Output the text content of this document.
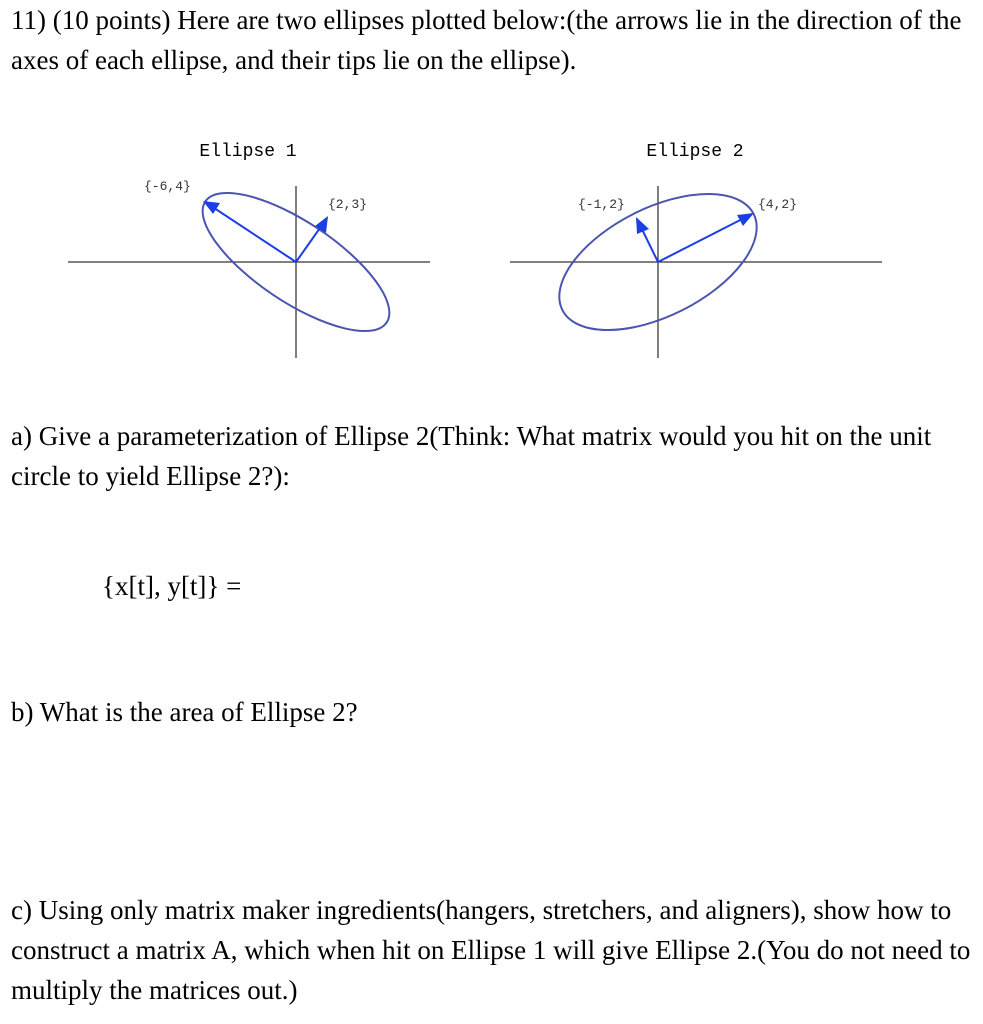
11) (10 points) Here are two ellipses plotted below:(the arrows lie in the direction of the axes of each ellipse, and their tips lie on the ellipse).

Ellipse 1
{-6,4}
{2,3}
Ellipse 2
{-1,2}	{4,2}

a) Give a parameterization of Ellipse 2(Think: What matrix would you hit on the unit circle to yield Ellipse 2?):

{x[t], y[t]} =

b) What is the area of Ellipse 2?

c) Using only matrix maker ingredients(hangers, stretchers, and aligners), show how to construct a matrix A, which when hit on Ellipse 1 will give Ellipse 2.(You do not need to multiply the matrices out.)
